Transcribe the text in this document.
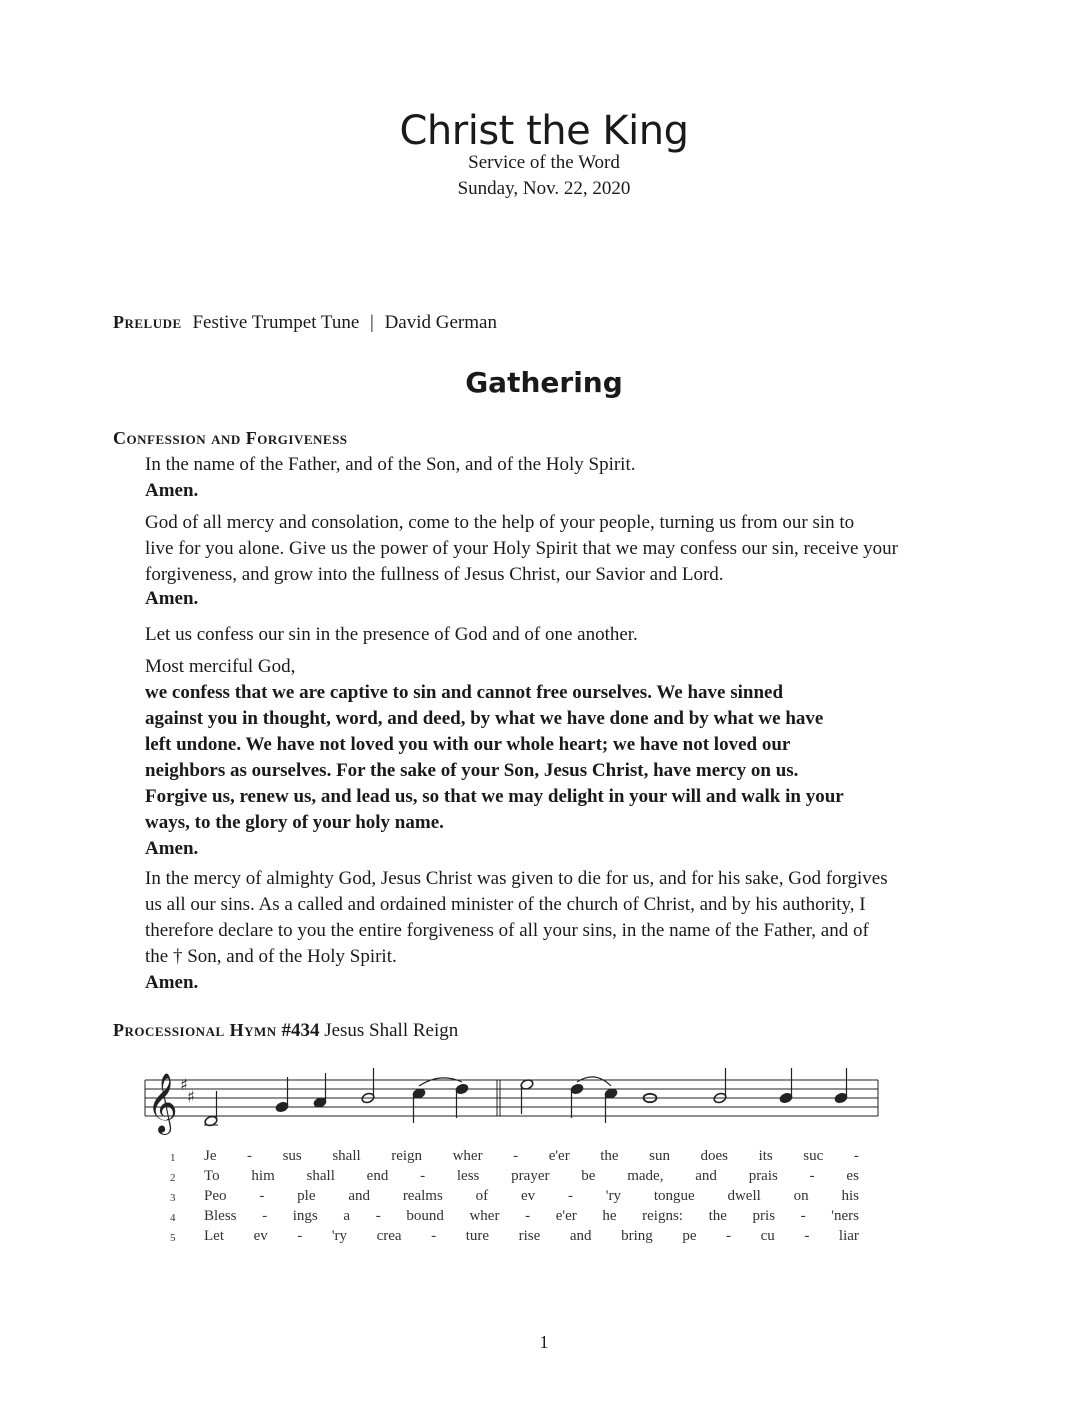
Christ the King
Service of the Word
Sunday, Nov. 22, 2020
Prelude Festive Trumpet Tune | David German
Gathering
Confession and Forgiveness
In the name of the Father, and of the Son, and of the Holy Spirit.
Amen.
God of all mercy and consolation, come to the help of your people, turning us from our sin to
live for you alone. Give us the power of your Holy Spirit that we may confess our sin, receive your
forgiveness, and grow into the fullness of Jesus Christ, our Savior and Lord.
Amen.
Let us confess our sin in the presence of God and of one another.
Most merciful God,
we confess that we are captive to sin and cannot free ourselves. We have sinned
against you in thought, word, and deed, by what we have done and by what we have
left undone. We have not loved you with our whole heart; we have not loved our
neighbors as ourselves. For the sake of your Son, Jesus Christ, have mercy on us.
Forgive us, renew us, and lead us, so that we may delight in your will and walk in your
ways, to the glory of your holy name.
Amen.
In the mercy of almighty God, Jesus Christ was given to die for us, and for his sake, God forgives
us all our sins. As a called and ordained minister of the church of Christ, and by his authority, I
therefore declare to you the entire forgiveness of all your sins, in the name of the Father, and of
the † Son, and of the Holy Spirit.
Amen.
Processional Hymn #434 Jesus Shall Reign
𝄞 ♯
♯
1 Je - sus shall reign wher - e'er the sun does its suc -
2 To him shall end - less prayer be made, and prais - es
3 Peo - ple and realms of ev - 'ry tongue dwell on his
4 Bless - ings a - bound wher - e'er he reigns: the pris - 'ners
5 Let ev - 'ry crea - ture rise and bring pe - cu - liar
1
